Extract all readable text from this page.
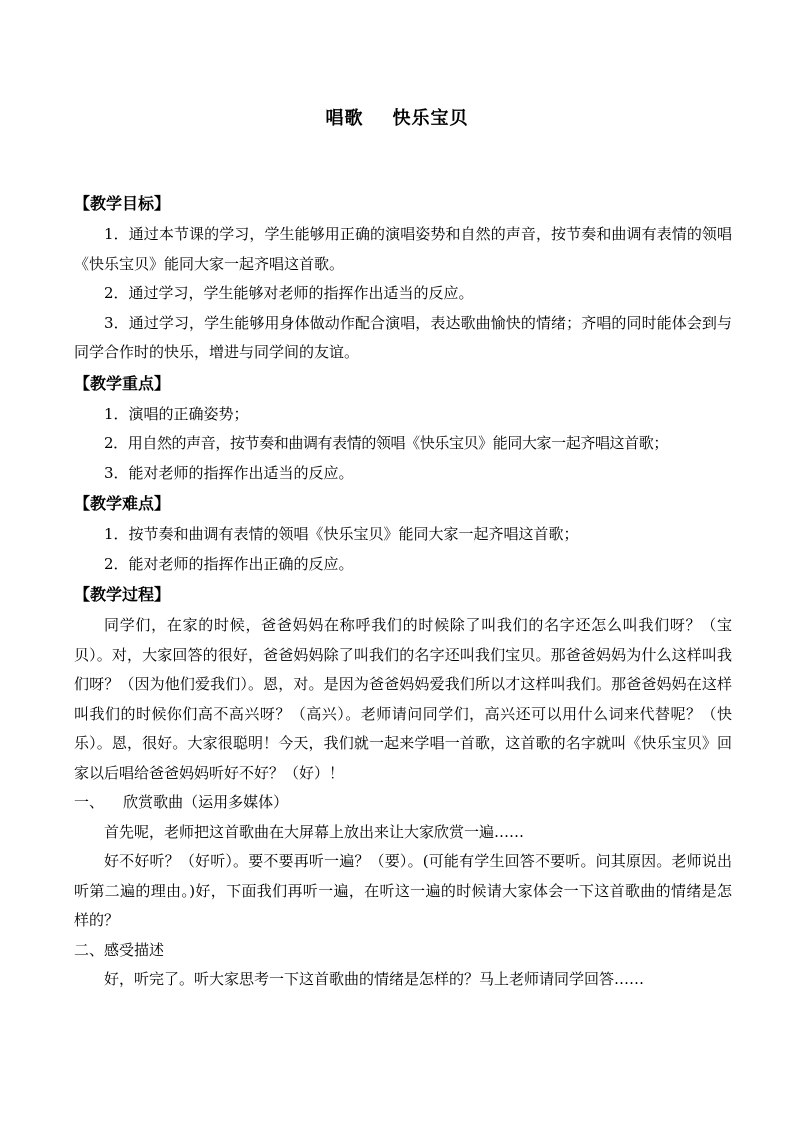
唱歌    快乐宝贝

【教学目标】

1．通过本节课的学习，学生能够用正确的演唱姿势和自然的声音，按节奏和曲调有表情的领唱《快乐宝贝》能同大家一起齐唱这首歌。

2．通过学习，学生能够对老师的指挥作出适当的反应。

3．通过学习，学生能够用身体做动作配合演唱，表达歌曲愉快的情绪；齐唱的同时能体会到与同学合作时的快乐，增进与同学间的友谊。

【教学重点】

1．演唱的正确姿势；

2．用自然的声音，按节奏和曲调有表情的领唱《快乐宝贝》能同大家一起齐唱这首歌；

3．能对老师的指挥作出适当的反应。

【教学难点】

1．按节奏和曲调有表情的领唱《快乐宝贝》能同大家一起齐唱这首歌；

2．能对老师的指挥作出正确的反应。

【教学过程】

同学们，在家的时候，爸爸妈妈在称呼我们的时候除了叫我们的名字还怎么叫我们呀？（宝贝）。对，大家回答的很好，爸爸妈妈除了叫我们的名字还叫我们宝贝。那爸爸妈妈为什么这样叫我们呀？（因为他们爱我们）。恩，对。是因为爸爸妈妈爱我们所以才这样叫我们。那爸爸妈妈在这样叫我们的时候你们高不高兴呀？（高兴）。老师请问同学们，高兴还可以用什么词来代替呢？（快乐）。恩，很好。大家很聪明！今天，我们就一起来学唱一首歌，这首歌的名字就叫《快乐宝贝》回家以后唱给爸爸妈妈听好不好？（好）！

一、    欣赏歌曲（运用多媒体）

首先呢，老师把这首歌曲在大屏幕上放出来让大家欣赏一遍……

好不好听？（好听）。要不要再听一遍？（要）。(可能有学生回答不要听。问其原因。老师说出听第二遍的理由。)好，下面我们再听一遍，在听这一遍的时候请大家体会一下这首歌曲的情绪是怎样的？

二、感受描述

好，听完了。听大家思考一下这首歌曲的情绪是怎样的？马上老师请同学回答……
